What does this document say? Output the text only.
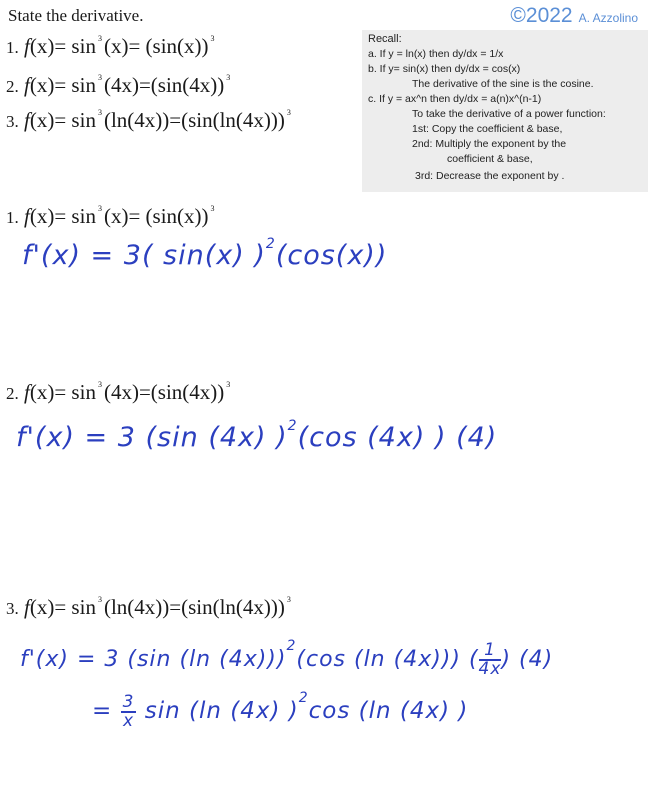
State the derivative.	©2022 A. Azzolino
1. f(x)= sin $^3$(x)= (sin(x)) $^3$
2. f(x)= sin $^3$(4x)=(sin(4x)) $^3$
3. f(x)= sin $^3$(ln(4x))=(sin(ln(4x))) $^3$
Recall:
a. If y = ln(x) then dy/dx = 1/x
b. If y= sin(x) then dy/dx = cos(x)
The derivative of the sine is the cosine.
c. If y = ax^n then dy/dx = a(n)x^(n-1)
To take the derivative of a power function:
1st: Copy the coefficient & base,
2nd: Multiply the exponent by the
coefficient & base,
3rd: Decrease the exponent by .
1. f(x)= sin $^3$(x)= (sin(x)) $^3$
f'(x) = 3( sin(x) )$^2$(cos(x))
2. f(x)= sin $^3$(4x)=(sin(4x)) $^3$
f'(x) = 3 (sin (4x) )$^2$(cos (4x) ) (4)
3. f(x)= sin $^3$(ln(4x))=(sin(ln(4x))) $^3$
f'(x) = 3 (sin (ln (4x)))$^2$(cos (ln (4x))) ( $\frac{1}{4x}$ ) (4)
= $\frac{3}{x}$ sin (ln (4x) )$^2$cos (ln (4x) )
